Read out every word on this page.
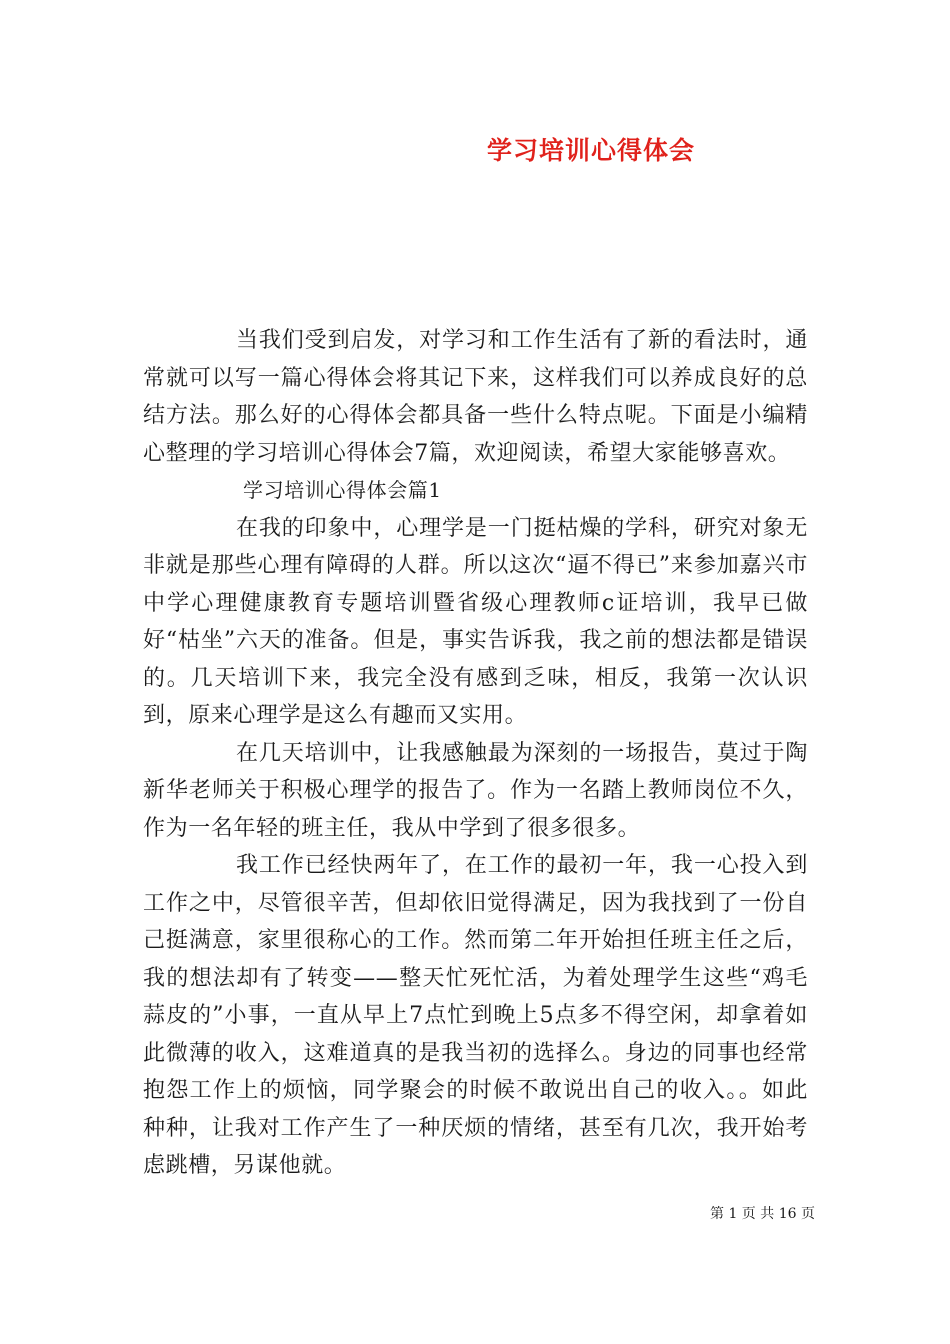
学习培训心得体会

当我们受到启发，对学习和工作生活有了新的看法时，通常就可以写一篇心得体会将其记下来，这样我们可以养成良好的总结方法。那么好的心得体会都具备一些什么特点呢。下面是小编精心整理的学习培训心得体会7篇，欢迎阅读，希望大家能够喜欢。

学习培训心得体会篇1

在我的印象中，心理学是一门挺枯燥的学科，研究对象无非就是那些心理有障碍的人群。所以这次“逼不得已”来参加嘉兴市中学心理健康教育专题培训暨省级心理教师c证培训，我早已做好“枯坐”六天的准备。但是，事实告诉我，我之前的想法都是错误的。几天培训下来，我完全没有感到乏味，相反，我第一次认识到，原来心理学是这么有趣而又实用。

在几天培训中，让我感触最为深刻的一场报告，莫过于陶新华老师关于积极心理学的报告了。作为一名踏上教师岗位不久，作为一名年轻的班主任，我从中学到了很多很多。

我工作已经快两年了，在工作的最初一年，我一心投入到工作之中，尽管很辛苦，但却依旧觉得满足，因为我找到了一份自己挺满意，家里很称心的工作。然而第二年开始担任班主任之后，我的想法却有了转变——整天忙死忙活，为着处理学生这些“鸡毛蒜皮的”小事，一直从早上7点忙到晚上5点多不得空闲，却拿着如此微薄的收入，这难道真的是我当初的选择么。身边的同事也经常抱怨工作上的烦恼，同学聚会的时候不敢说出自己的收入。。如此种种，让我对工作产生了一种厌烦的情绪，甚至有几次，我开始考虑跳槽，另谋他就。

第 1 页 共 16 页
